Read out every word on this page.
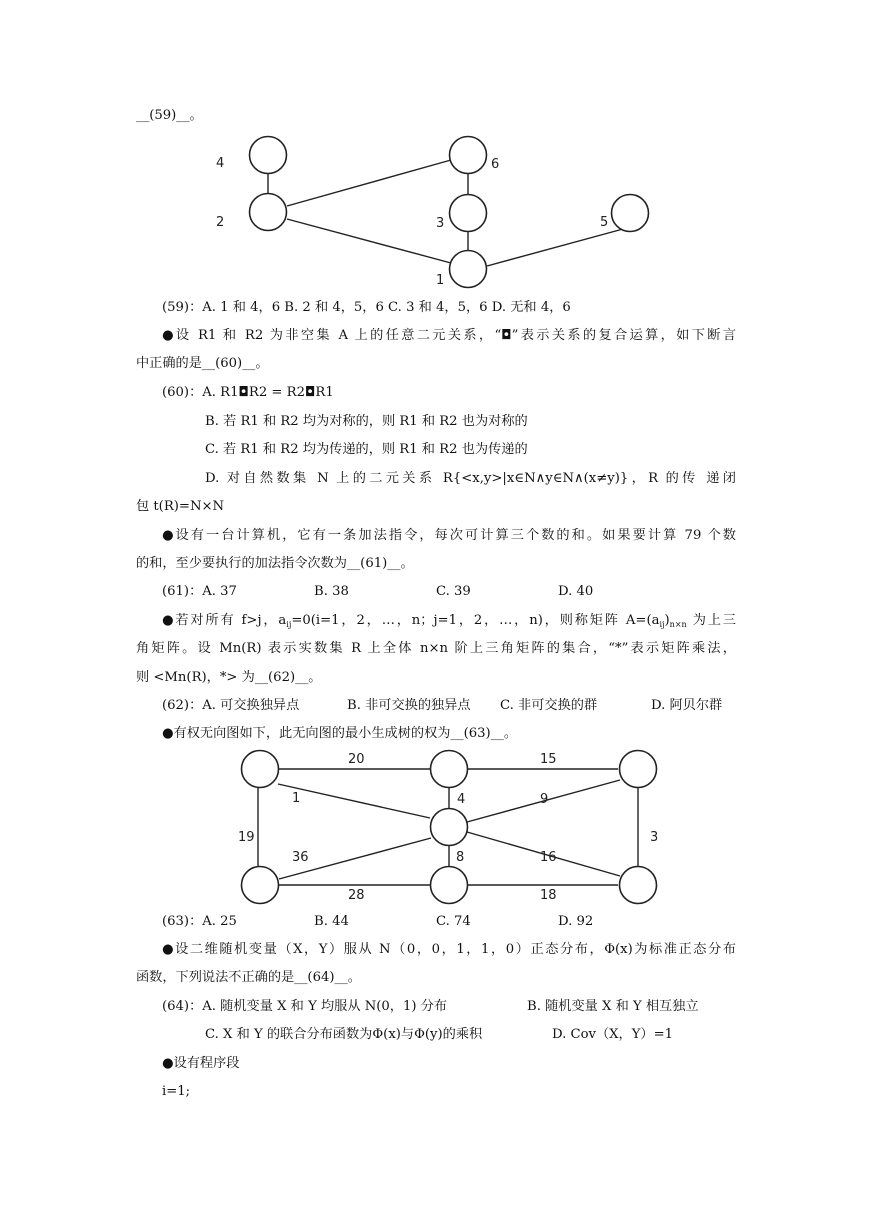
__(59)__。
4
2
6
3	5
1
(59)：A. 1 和 4，6 B. 2 和 4，5，6 C. 3 和 4，5，6 D. 无和 4，6
●设 R1 和 R2 为非空集 A 上的任意二元关系，“◘”表示关系的复合运算，如下断言
中正确的是__(60)__。
(60)：A. R1◘R2 = R2◘R1
B. 若 R1 和 R2 均为对称的，则 R1 和 R2 也为对称的
C. 若 R1 和 R2 均为传递的，则 R1 和 R2 也为传递的
D. 对自然数集 N 上的二元关系 R{<x,y>|x∈N∧y∈N∧(x≠y)}，R 的传 递闭
包 t(R)=N×N
●设有一台计算机，它有一条加法指令，每次可计算三个数的和。如果要计算 79 个数
的和，至少要执行的加法指令次数为__(61)__。
(61)：A. 37	B. 38	C. 39	D. 40
●若对所有 f>j，$a_{ij}=0(i=1$，2，…，n；j=1，2，…，n)，则称矩阵 $A=(a_{ij})_{n\times n}$ 为上三
角矩阵。设 Mn(R) 表示实数集 R 上全体 n×n 阶上三角矩阵的集合，“*”表示矩阵乘法，
则 <Mn(R)，*> 为__(62)__。
(62)：A. 可交换独异点	B. 非可交换的独异点 C. 非可交换的群	D. 阿贝尔群
●有权无向图如下，此无向图的最小生成树的权为__(63)__。
20	15
1	4	9
19	3
36	8	16
28	18
(63)：A. 25	B. 44	C. 74	D. 92
●设二维随机变量（X，Y）服从 N（0，0，1，1，0）正态分布，Φ(x)为标准正态分布
函数，下列说法不正确的是__(64)__。
(64)：A. 随机变量 X 和 Y 均服从 N(0，1) 分布	B. 随机变量 X 和 Y 相互独立
C. X 和 Y 的联合分布函数为Φ(x)与Φ(y)的乘积	D. Cov（X，Y）=1
●设有程序段
i=1;
